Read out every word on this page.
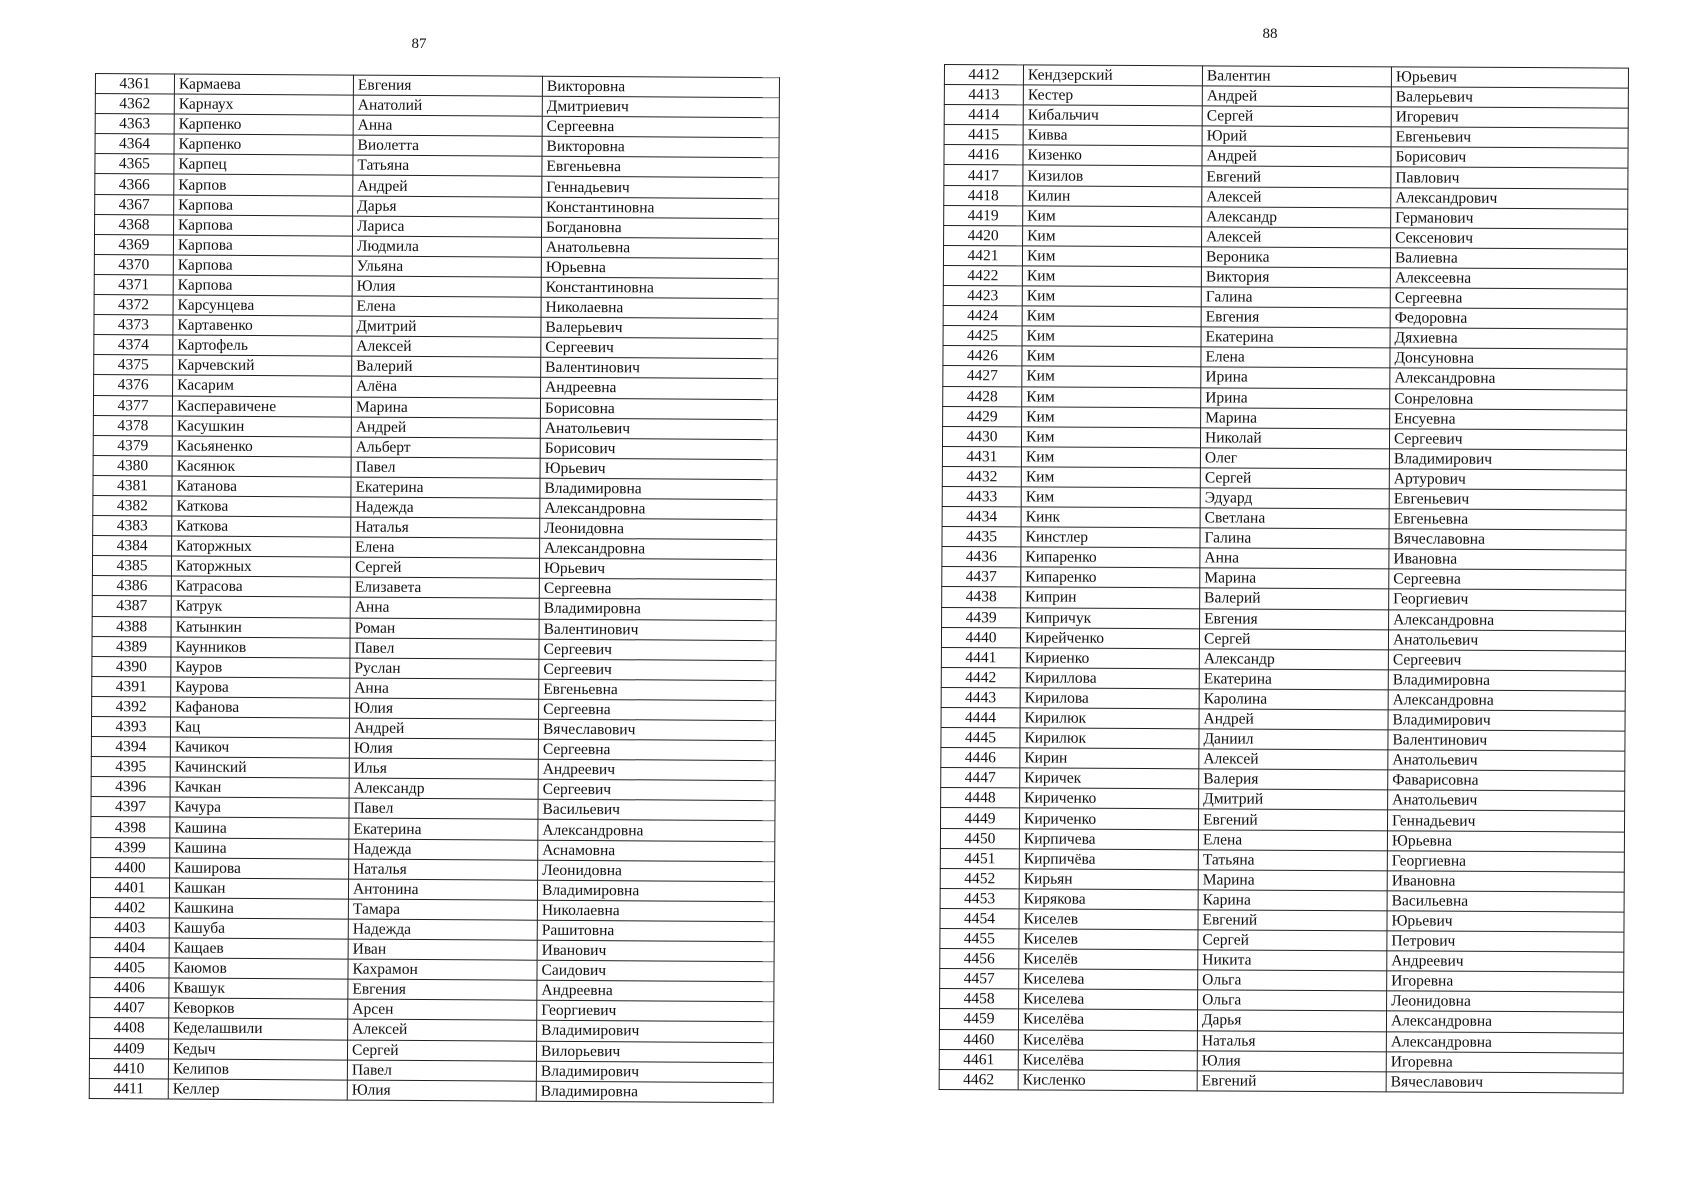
87
4361	Кармаева	Евгения	Викторовна
4362	Карнаух	Анатолий	Дмитриевич
4363	Карпенко	Анна	Сергеевна
4364	Карпенко	Виолетта	Викторовна
4365	Карпец	Татьяна	Евгеньевна
4366	Карпов	Андрей	Геннадьевич
4367	Карпова	Дарья	Константиновна
4368	Карпова	Лариса	Богдановна
4369	Карпова	Людмила	Анатольевна
4370	Карпова	Ульяна	Юрьевна
4371	Карпова	Юлия	Константиновна
4372	Карсунцева	Елена	Николаевна
4373	Картавенко	Дмитрий	Валерьевич
4374	Картофель	Алексей	Сергеевич
4375	Карчевский	Валерий	Валентинович
4376	Касарим	Алёна	Андреевна
4377	Каспеpавичене	Марина	Борисовна
4378	Касушкин	Андрей	Анатольевич
4379	Касьяненко	Альберт	Борисович
4380	Касянюк	Павел	Юрьевич
4381	Катанова	Екатерина	Владимировна
4382	Каткова	Надежда	Александровна
4383	Каткова	Наталья	Леонидовна
4384	Каторжных	Елена	Александровна
4385	Каторжных	Сергей	Юрьевич
4386	Катрасова	Елизавета	Сергеевна
4387	Катрук	Анна	Владимировна
4388	Катынкин	Роман	Валентинович
4389	Каунников	Павел	Сергеевич
4390	Кауров	Руслан	Сергеевич
4391	Каурова	Анна	Евгеньевна
4392	Кафанова	Юлия	Сергеевна
4393	Кац	Андрей	Вячеславович
4394	Качикоч	Юлия	Сергеевна
4395	Качинский	Илья	Андреевич
4396	Качкан	Александр	Сергеевич
4397	Качура	Павел	Васильевич
4398	Кашина	Екатерина	Александровна
4399	Кашина	Надежда	Аснамовна
4400	Каширова	Наталья	Леонидовна
4401	Кашкан	Антонина	Владимировна
4402	Кашкина	Тамара	Николаевна
4403	Кашуба	Надежда	Рашитовна
4404	Кащаев	Иван	Иванович
4405	Каюмов	Кахрамон	Саидович
4406	Квашук	Евгения	Андреевна
4407	Кеворков	Арсен	Георгиевич
4408	Кеделашвили	Алексей	Владимирович
4409	Кедыч	Сергей	Вилорьевич
4410	Келипов	Павел	Владимирович
4411	Келлер	Юлия	Владимировна
88
4412	Кендзерский	Валентин	Юрьевич
4413	Кестер	Андрей	Валерьевич
4414	Кибальчич	Сергей	Игоревич
4415	Кивва	Юрий	Евгеньевич
4416	Кизенко	Андрей	Борисович
4417	Кизилов	Евгений	Павлович
4418	Килин	Алексей	Александрович
4419	Ким	Александр	Германович
4420	Ким	Алексей	Сексенович
4421	Ким	Вероника	Валиевна
4422	Ким	Виктория	Алексеевна
4423	Ким	Галина	Сергеевна
4424	Ким	Евгения	Федоровна
4425	Ким	Екатерина	Дяхиевна
4426	Ким	Елена	Донсуновна
4427	Ким	Ирина	Александровна
4428	Ким	Ирина	Сонреловна
4429	Ким	Марина	Енсуевна
4430	Ким	Николай	Сергеевич
4431	Ким	Олег	Владимирович
4432	Ким	Сергей	Артурович
4433	Ким	Эдуард	Евгеньевич
4434	Кинк	Светлана	Евгеньевна
4435	Кинстлер	Галина	Вячеславовна
4436	Кипаренко	Анна	Ивановна
4437	Кипаренко	Марина	Сергеевна
4438	Киприн	Валерий	Георгиевич
4439	Кипричук	Евгения	Александровна
4440	Кирейченко	Сергей	Анатольевич
4441	Кириенко	Александр	Сергеевич
4442	Кириллова	Екатерина	Владимировна
4443	Кирилова	Каролина	Александровна
4444	Кирилюк	Андрей	Владимирович
4445	Кирилюк	Даниил	Валентинович
4446	Кирин	Алексей	Анатольевич
4447	Киричек	Валерия	Фаварисовна
4448	Кириченко	Дмитрий	Анатольевич
4449	Кириченко	Евгений	Геннадьевич
4450	Кирпичева	Елена	Юрьевна
4451	Кирпичёва	Татьяна	Георгиевна
4452	Кирьян	Марина	Ивановна
4453	Кирякова	Карина	Васильевна
4454	Киселев	Евгений	Юрьевич
4455	Киселев	Сергей	Петрович
4456	Киселёв	Никита	Андреевич
4457	Киселева	Ольга	Игоревна
4458	Киселева	Ольга	Леонидовна
4459	Киселёва	Дарья	Александровна
4460	Киселёва	Наталья	Александровна
4461	Киселёва	Юлия	Игоревна
4462	Кисленко	Евгений	Вячеславович
